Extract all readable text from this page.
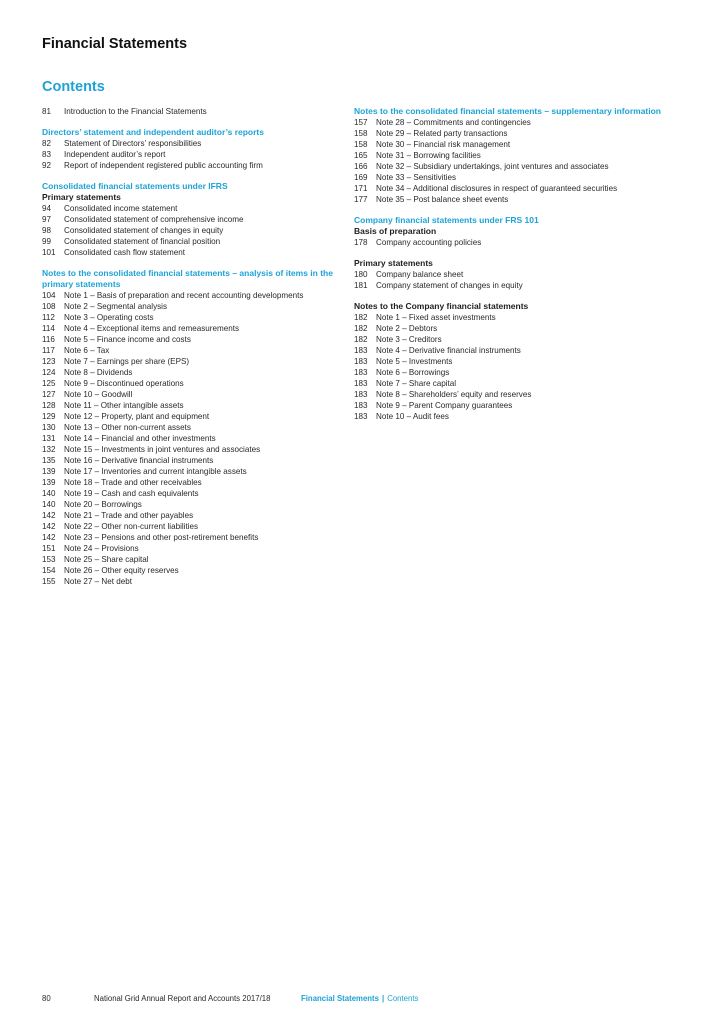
Financial Statements
Contents
81	Introduction to the Financial Statements
Directors’ statement and independent auditor’s reports
82	Statement of Directors’ responsibilities
83	Independent auditor’s report
92	Report of independent registered public accounting firm
Consolidated financial statements under IFRS
Primary statements
94	Consolidated income statement
97	Consolidated statement of comprehensive income
98	Consolidated statement of changes in equity
99	Consolidated statement of financial position
101	Consolidated cash flow statement
Notes to the consolidated financial statements – analysis of items in the primary statements
104	Note 1 – Basis of preparation and recent accounting developments
108	Note 2 – Segmental analysis
112	Note 3 – Operating costs
114	Note 4 – Exceptional items and remeasurements
116	Note 5 – Finance income and costs
117	Note 6 – Tax
123	Note 7 – Earnings per share (EPS)
124	Note 8 – Dividends
125	Note 9 – Discontinued operations
127	Note 10 – Goodwill
128	Note 11 – Other intangible assets
129	Note 12 – Property, plant and equipment
130	Note 13 – Other non-current assets
131	Note 14 – Financial and other investments
132	Note 15 – Investments in joint ventures and associates
135	Note 16 – Derivative financial instruments
139	Note 17 – Inventories and current intangible assets
139	Note 18 – Trade and other receivables
140	Note 19 – Cash and cash equivalents
140	Note 20 – Borrowings
142	Note 21 – Trade and other payables
142	Note 22 – Other non-current liabilities
142	Note 23 – Pensions and other post-retirement benefits
151	Note 24 – Provisions
153	Note 25 – Share capital
154	Note 26 – Other equity reserves
155	Note 27 – Net debt
Notes to the consolidated financial statements – supplementary information
157	Note 28 – Commitments and contingencies
158	Note 29 – Related party transactions
158	Note 30 – Financial risk management
165	Note 31 – Borrowing facilities
166	Note 32 – Subsidiary undertakings, joint ventures and associates
169	Note 33 – Sensitivities
171	Note 34 – Additional disclosures in respect of guaranteed securities
177	Note 35 – Post balance sheet events
Company financial statements under FRS 101
Basis of preparation
178	Company accounting policies
Primary statements
180	Company balance sheet
181	Company statement of changes in equity
Notes to the Company financial statements
182	Note 1 – Fixed asset investments
182	Note 2 – Debtors
182	Note 3 – Creditors
183	Note 4 – Derivative financial instruments
183	Note 5 – Investments
183	Note 6 – Borrowings
183	Note 7 – Share capital
183	Note 8 – Shareholders’ equity and reserves
183	Note 9 – Parent Company guarantees
183	Note 10 – Audit fees
80	National Grid Annual Report and Accounts 2017/18	Financial Statements | Contents
